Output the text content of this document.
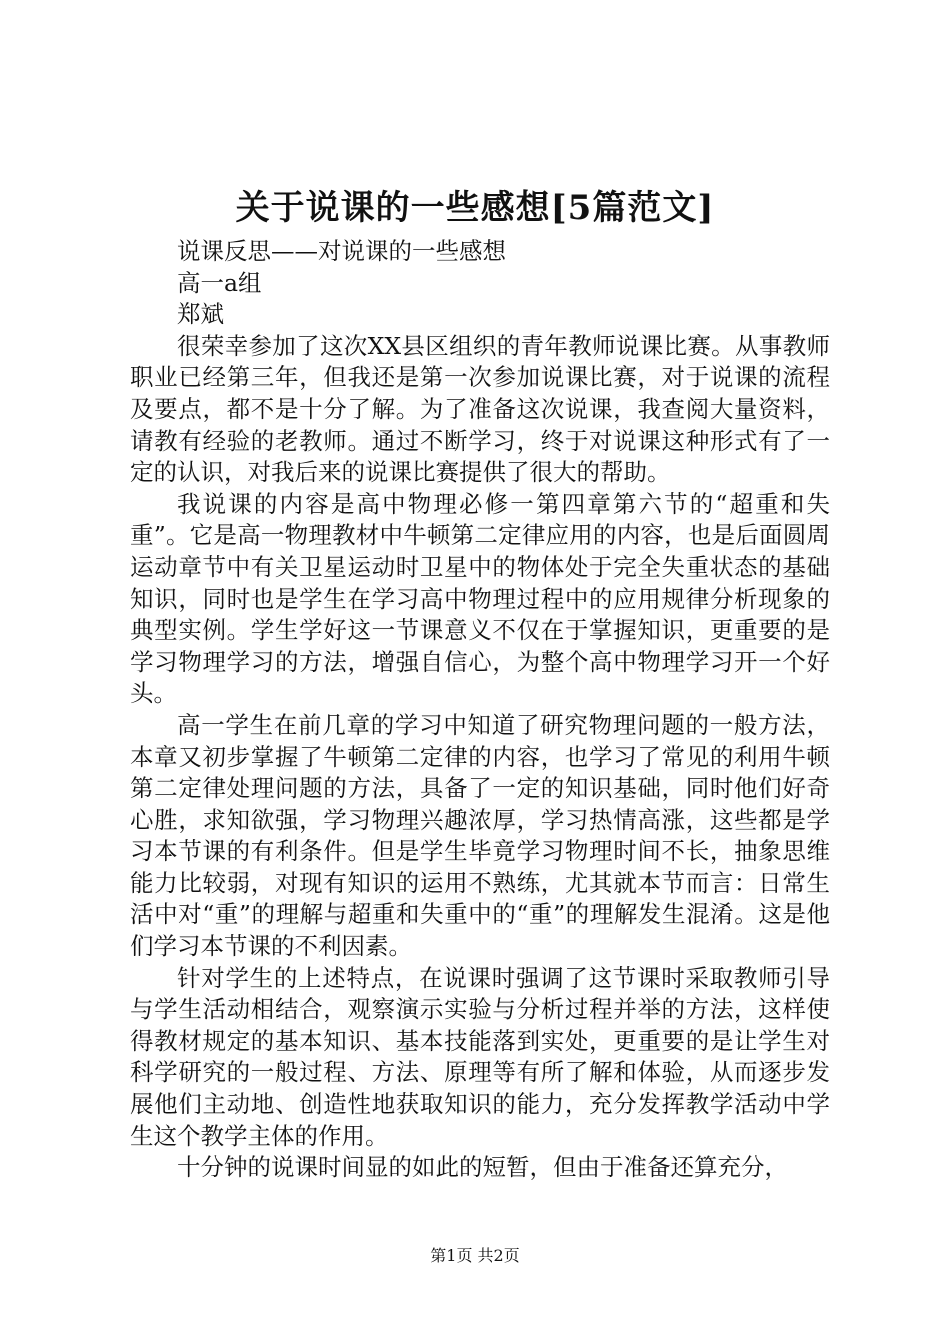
关于说课的一些感想[5篇范文]

说课反思——对说课的一些感想

高一a组

郑斌

很荣幸参加了这次XX县区组织的青年教师说课比赛。从事教师职业已经第三年，但我还是第一次参加说课比赛，对于说课的流程及要点，都不是十分了解。为了准备这次说课，我查阅大量资料，请教有经验的老教师。通过不断学习，终于对说课这种形式有了一定的认识，对我后来的说课比赛提供了很大的帮助。

我说课的内容是高中物理必修一第四章第六节的“超重和失重”。它是高一物理教材中牛顿第二定律应用的内容，也是后面圆周运动章节中有关卫星运动时卫星中的物体处于完全失重状态的基础知识，同时也是学生在学习高中物理过程中的应用规律分析现象的典型实例。学生学好这一节课意义不仅在于掌握知识，更重要的是学习物理学习的方法，增强自信心，为整个高中物理学习开一个好头。

高一学生在前几章的学习中知道了研究物理问题的一般方法，本章又初步掌握了牛顿第二定律的内容，也学习了常见的利用牛顿第二定律处理问题的方法，具备了一定的知识基础，同时他们好奇心胜，求知欲强，学习物理兴趣浓厚，学习热情高涨，这些都是学习本节课的有利条件。但是学生毕竟学习物理时间不长，抽象思维能力比较弱，对现有知识的运用不熟练，尤其就本节而言：日常生活中对“重”的理解与超重和失重中的“重”的理解发生混淆。这是他们学习本节课的不利因素。

针对学生的上述特点，在说课时强调了这节课时采取教师引导与学生活动相结合，观察演示实验与分析过程并举的方法，这样使得教材规定的基本知识、基本技能落到实处，更重要的是让学生对科学研究的一般过程、方法、原理等有所了解和体验，从而逐步发展他们主动地、创造性地获取知识的能力，充分发挥教学活动中学生这个教学主体的作用。

十分钟的说课时间显的如此的短暂，但由于准备还算充分，

第1页 共2页
